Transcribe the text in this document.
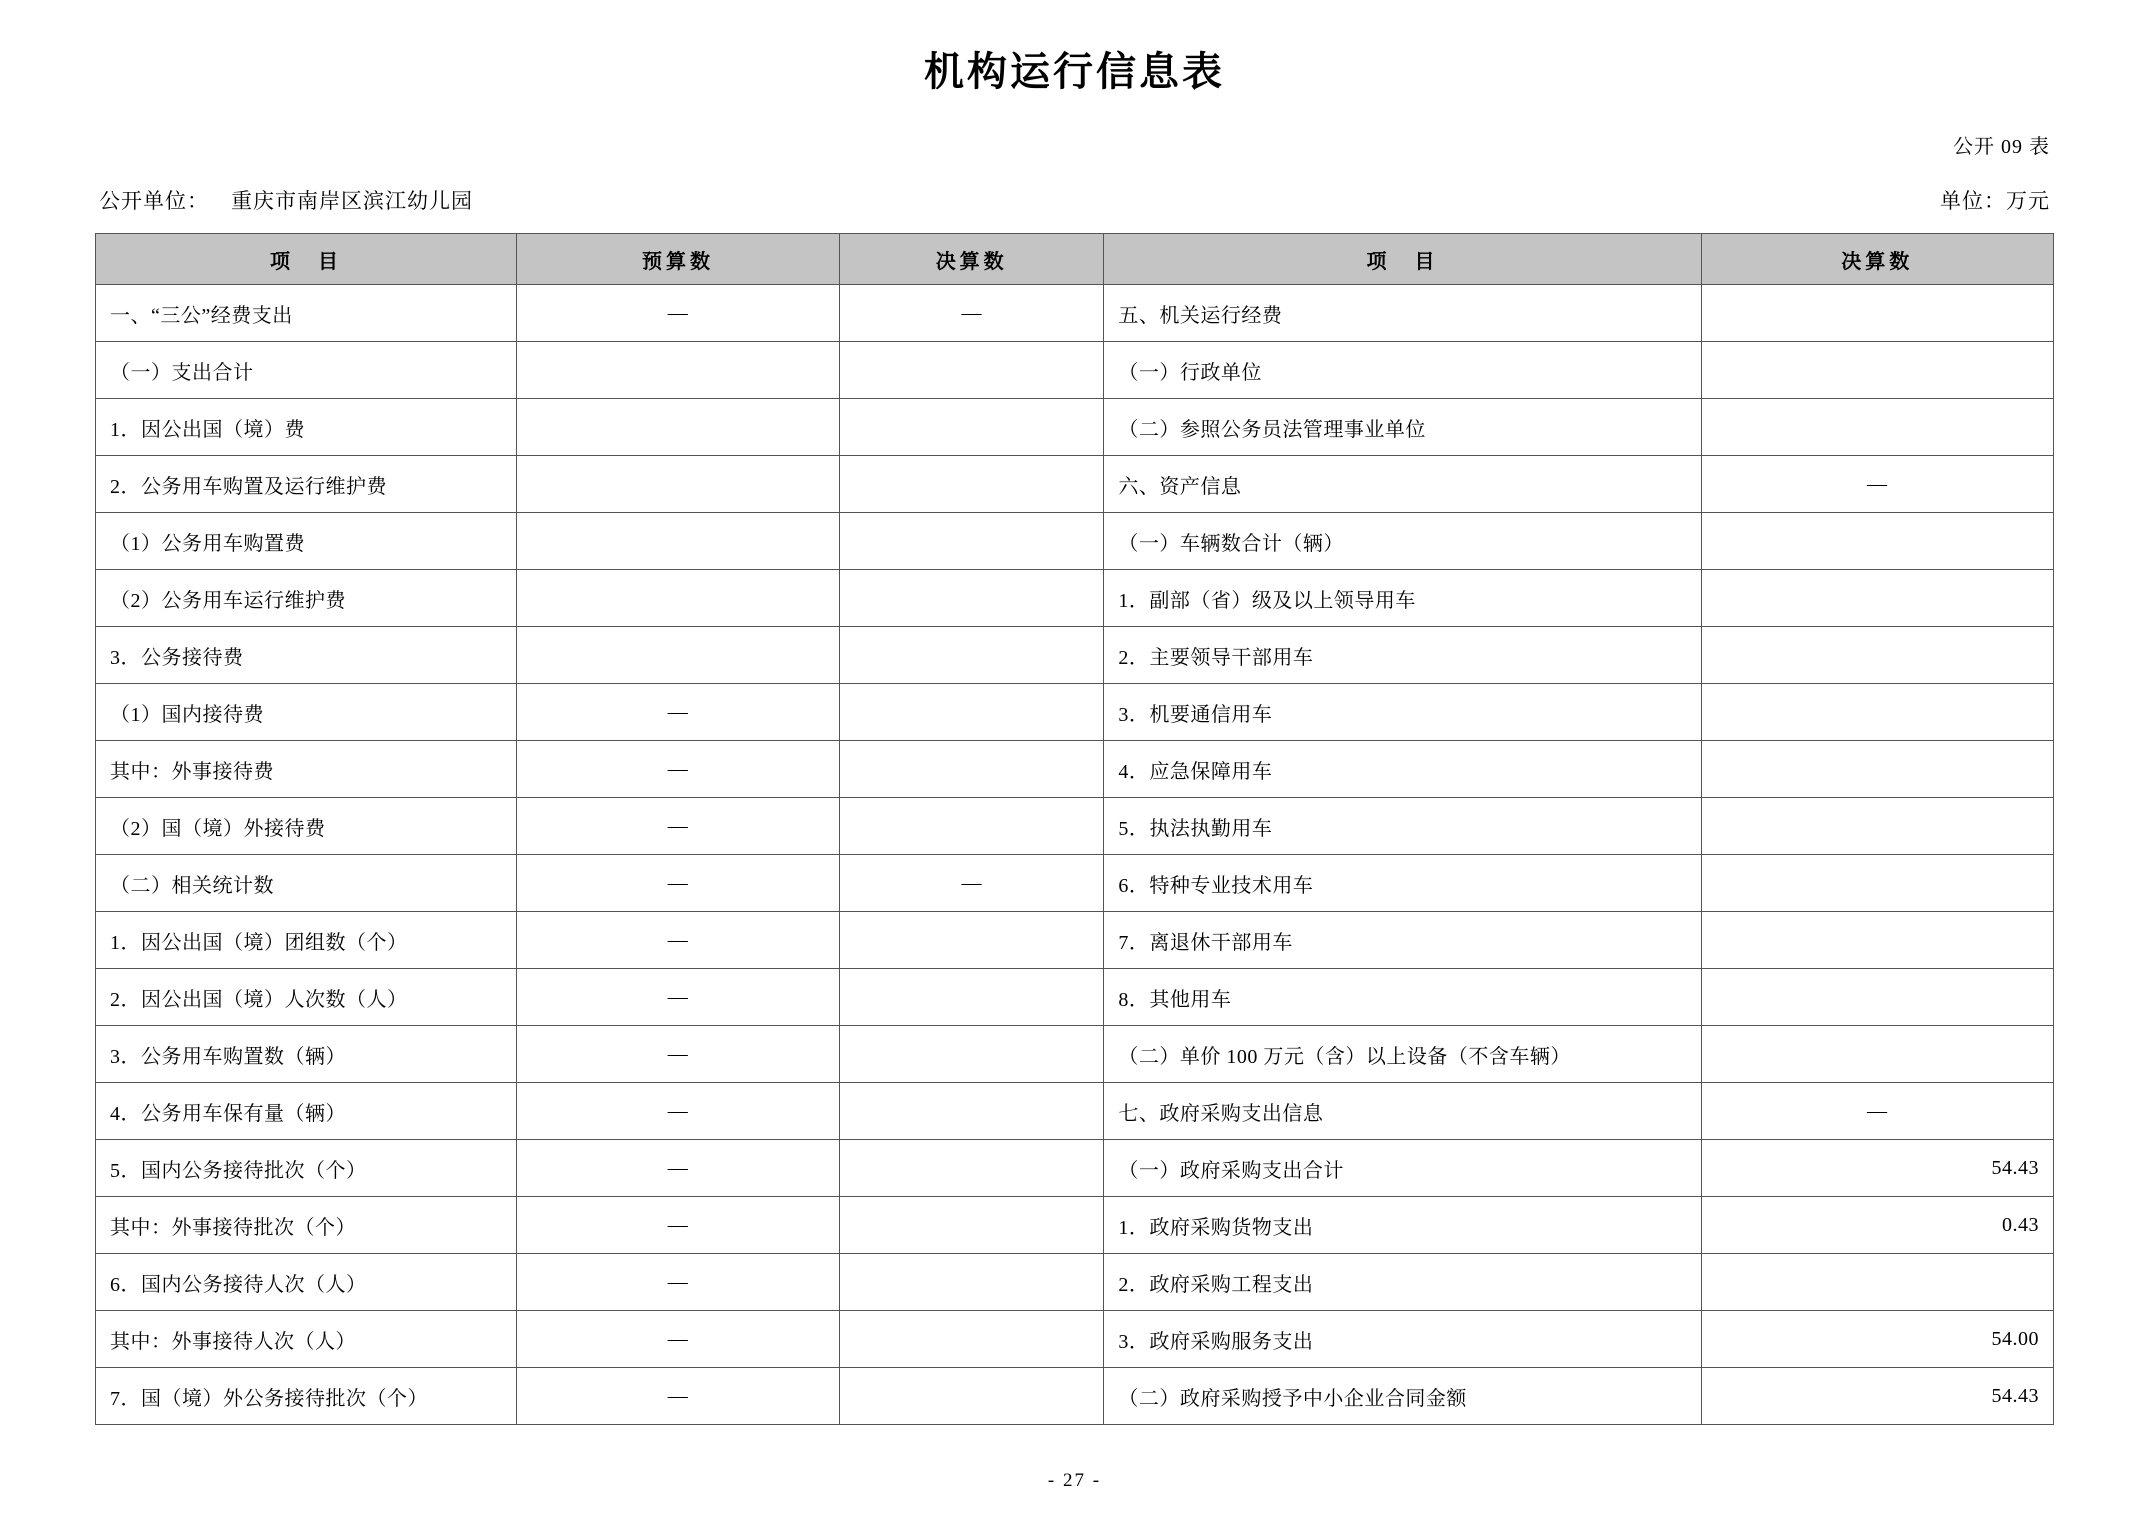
机构运行信息表
公开 09 表
公开单位： 重庆市南岸区滨江幼儿园	单位：万元
项　目	预算数	决算数	项　目	决算数
一、“三公”经费支出	—	—	五、机关运行经费	
（一）支出合计			（一）行政单位	
1．因公出国（境）费			（二）参照公务员法管理事业单位	
2．公务用车购置及运行维护费			六、资产信息	—
（1）公务用车购置费			（一）车辆数合计（辆）	
（2）公务用车运行维护费			1．副部（省）级及以上领导用车	
3．公务接待费			2．主要领导干部用车	
（1）国内接待费	—		3．机要通信用车	
其中：外事接待费	—		4．应急保障用车	
（2）国（境）外接待费	—		5．执法执勤用车	
（二）相关统计数	—	—	6．特种专业技术用车	
1．因公出国（境）团组数（个）	—		7．离退休干部用车	
2．因公出国（境）人次数（人）	—		8．其他用车	
3．公务用车购置数（辆）	—		（二）单价 100 万元（含）以上设备（不含车辆）	
4．公务用车保有量（辆）	—		七、政府采购支出信息	—
5．国内公务接待批次（个）	—		（一）政府采购支出合计	54.43
其中：外事接待批次（个）	—		1．政府采购货物支出	0.43
6．国内公务接待人次（人）	—		2．政府采购工程支出	
其中：外事接待人次（人）	—		3．政府采购服务支出	54.00
7．国（境）外公务接待批次（个）	—		（二）政府采购授予中小企业合同金额	54.43
- 27 -
